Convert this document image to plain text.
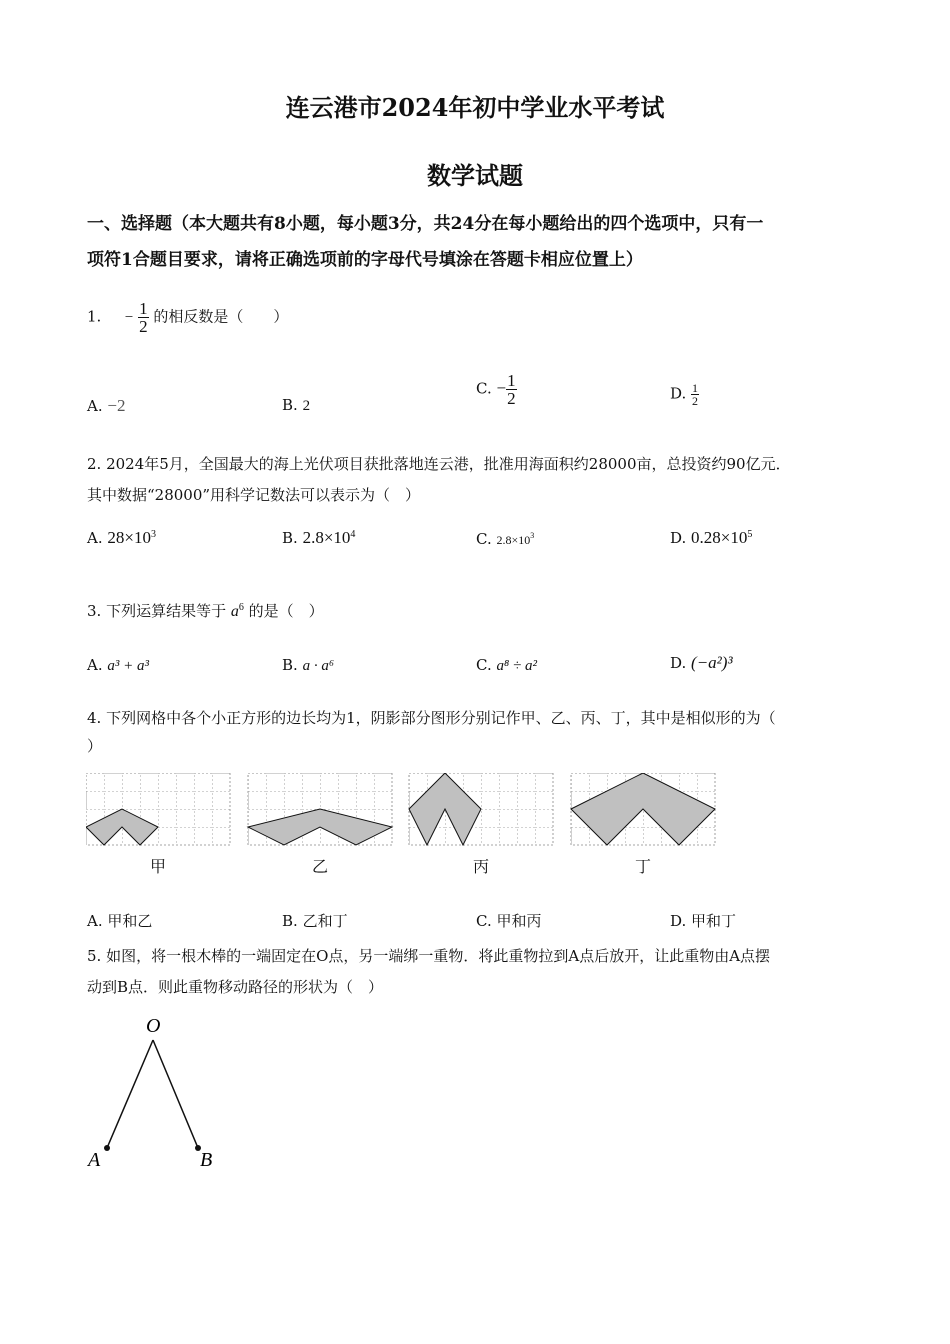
连云港市2024年初中学业水平考试
数学试题
一、选择题（本大题共有8小题，每小题3分，共24分在每小题给出的四个选项中，只有一
项符1合题目要求，请将正确选项前的字母代号填涂在答题卡相应位置上）
1. − $\frac{1}{2}$ 的相反数是（　　）
A. −2	B. 2
C. − $\frac{1}{2}$	D. $\frac{1}{2}$
2. 2024年5月，全国最大的海上光伏项目获批落地连云港，批准用海面积约28000亩，总投资约90亿元．
其中数据“28000”用科学记数法可以表示为（　）
A. $28\times 10^3$	B. $2.8\times 10^4$	C. $2.8\times 10^3$	D. $0.28\times 10^5$
3. 下列运算结果等于 $a^6$ 的是（　）
A. a³ + a³	B. a · a⁶	C. a⁸ ÷ a²	D. (−a²)³
4. 下列网格中各个小正方形的边长均为1，阴影部分图形分别记作甲、乙、丙、丁，其中是相似形的为（
）
甲	乙	丙	丁
A. 甲和乙	B. 乙和丁	C. 甲和丙	D. 甲和丁
5. 如图，将一根木棒的一端固定在O点，另一端绑一重物．将此重物拉到A点后放开，让此重物由A点摆
动到B点．则此重物移动路径的形状为（　）
O
A	B
